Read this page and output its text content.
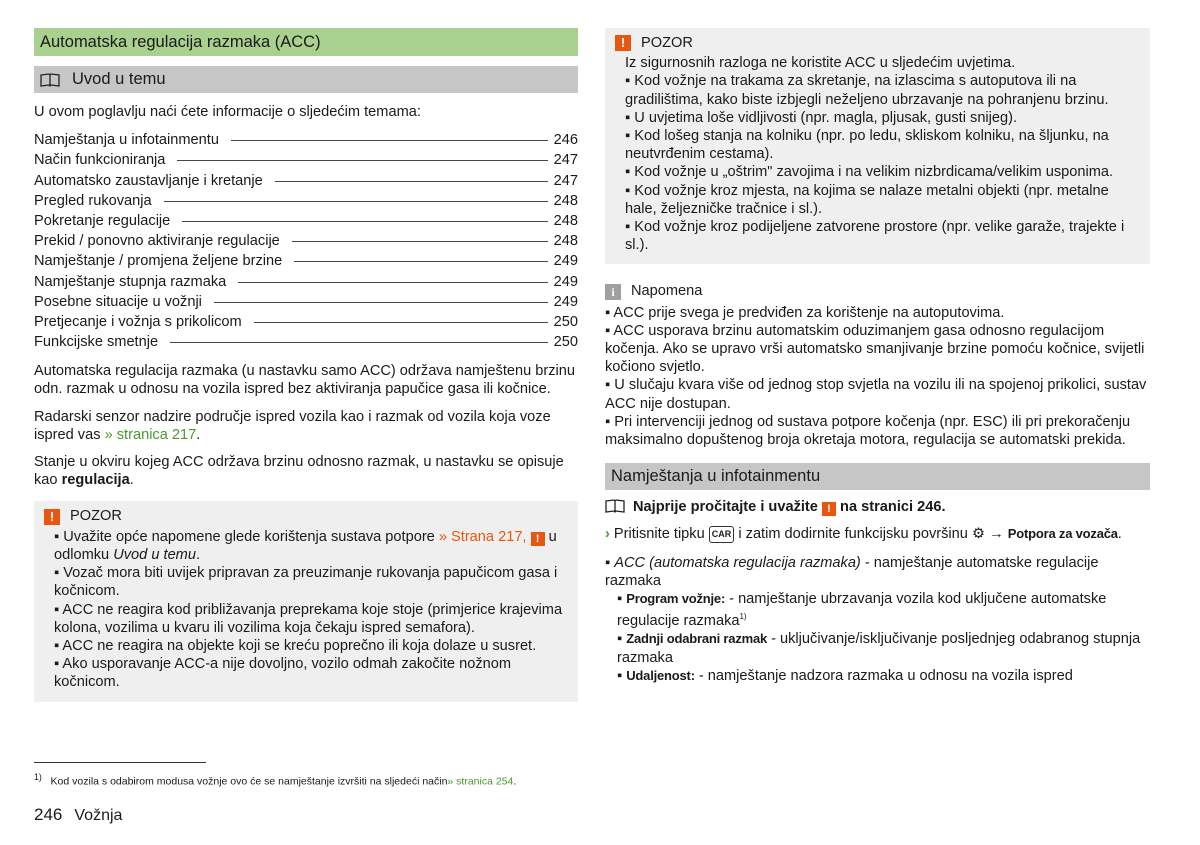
Automatska regulacija razmaka (ACC)
Uvod u temu

U ovom poglavlju naći ćete informacije o sljedećim temama:

Namještanja u infotainmentu	246
Način funkcioniranja	247
Automatsko zaustavljanje i kretanje	247
Pregled rukovanja	248
Pokretanje regulacije	248
Prekid / ponovno aktiviranje regulacije	248
Namještanje / promjena željene brzine	249
Namještanje stupnja razmaka	249
Posebne situacije u vožnji	249
Pretjecanje i vožnja s prikolicom	250
Funkcijske smetnje	250

Automatska regulacija razmaka (u nastavku samo ACC) održava namještenu brzinu odn. razmak u odnosu na vozila ispred bez aktiviranja papučice gasa ili kočnice.

Radarski senzor nadzire područje ispred vozila kao i razmak od vozila koja voze ispred vas » stranica 217.

Stanje u okviru kojeg ACC održava brzinu odnosno razmak, u nastavku se opisuje kao regulacija.

!	POZOR
▪ Uvažite opće napomene glede korištenja sustava potpore » Strana 217, ! u odlomku Uvod u temu.
▪ Vozač mora biti uvijek pripravan za preuzimanje rukovanja papučicom gasa i kočnicom.
▪ ACC ne reagira kod približavanja preprekama koje stoje (primjerice krajevima kolona, vozilima u kvaru ili vozilima koja čekaju ispred semafora).
▪ ACC ne reagira na objekte koji se kreću poprečno ili koja dolaze u susret.
▪ Ako usporavanje ACC-a nije dovoljno, vozilo odmah zakočite nožnom kočnicom.
!	POZOR
Iz sigurnosnih razloga ne koristite ACC u sljedećim uvjetima.
▪ Kod vožnje na trakama za skretanje, na izlascima s autoputova ili na gradilištima, kako biste izbjegli neželjeno ubrzavanje na pohranjenu brzinu.
▪ U uvjetima loše vidljivosti (npr. magla, pljusak, gusti snijeg).
▪ Kod lošeg stanja na kolniku (npr. po ledu, skliskom kolniku, na šljunku, na neutvrđenim cestama).
▪ Kod vožnje u „oštrim" zavojima i na velikim nizbrdicama/velikim usponima.
▪ Kod vožnje kroz mjesta, na kojima se nalaze metalni objekti (npr. metalne hale, željezničke tračnice i sl.).
▪ Kod vožnje kroz podijeljene zatvorene prostore (npr. velike garaže, trajekte i sl.).
i	Napomena
▪ ACC prije svega je predviđen za korištenje na autoputovima.
▪ ACC usporava brzinu automatskim oduzimanjem gasa odnosno regulacijom kočenja. Ako se upravo vrši automatsko smanjivanje brzine pomoću kočnice, svijetli kočiono svjetlo.
▪ U slučaju kvara više od jednog stop svjetla na vozilu ili na spojenoj prikolici, sustav ACC nije dostupan.
▪ Pri intervenciji jednog od sustava potpore kočenja (npr. ESC) ili pri prekoračenju maksimalno dopuštenog broja okretaja motora, regulacija se automatski prekida.
Namještanja u infotainmentu
Najprije pročitajte i uvažite ! na stranici 246.
› Pritisnite tipku CAR i zatim dodirnite funkcijsku površinu ⚙ → Potpora za vozača.
▪ ACC (automatska regulacija razmaka) - namještanje automatske regulacije razmaka
▪ Program vožnje: - namještanje ubrzavanja vozila kod uključene automatske regulacije razmaka$^{1)}$
▪ Zadnji odabrani razmak - uključivanje/isključivanje posljednjeg odabranog stupnja razmaka
▪ Udaljenost: - namještanje nadzora razmaka u odnosu na vozila ispred
$^{1)}$ Kod vozila s odabirom modusa vožnje ovo će se namještanje izvršiti na sljedeći način» stranica 254.
246 Vožnja
